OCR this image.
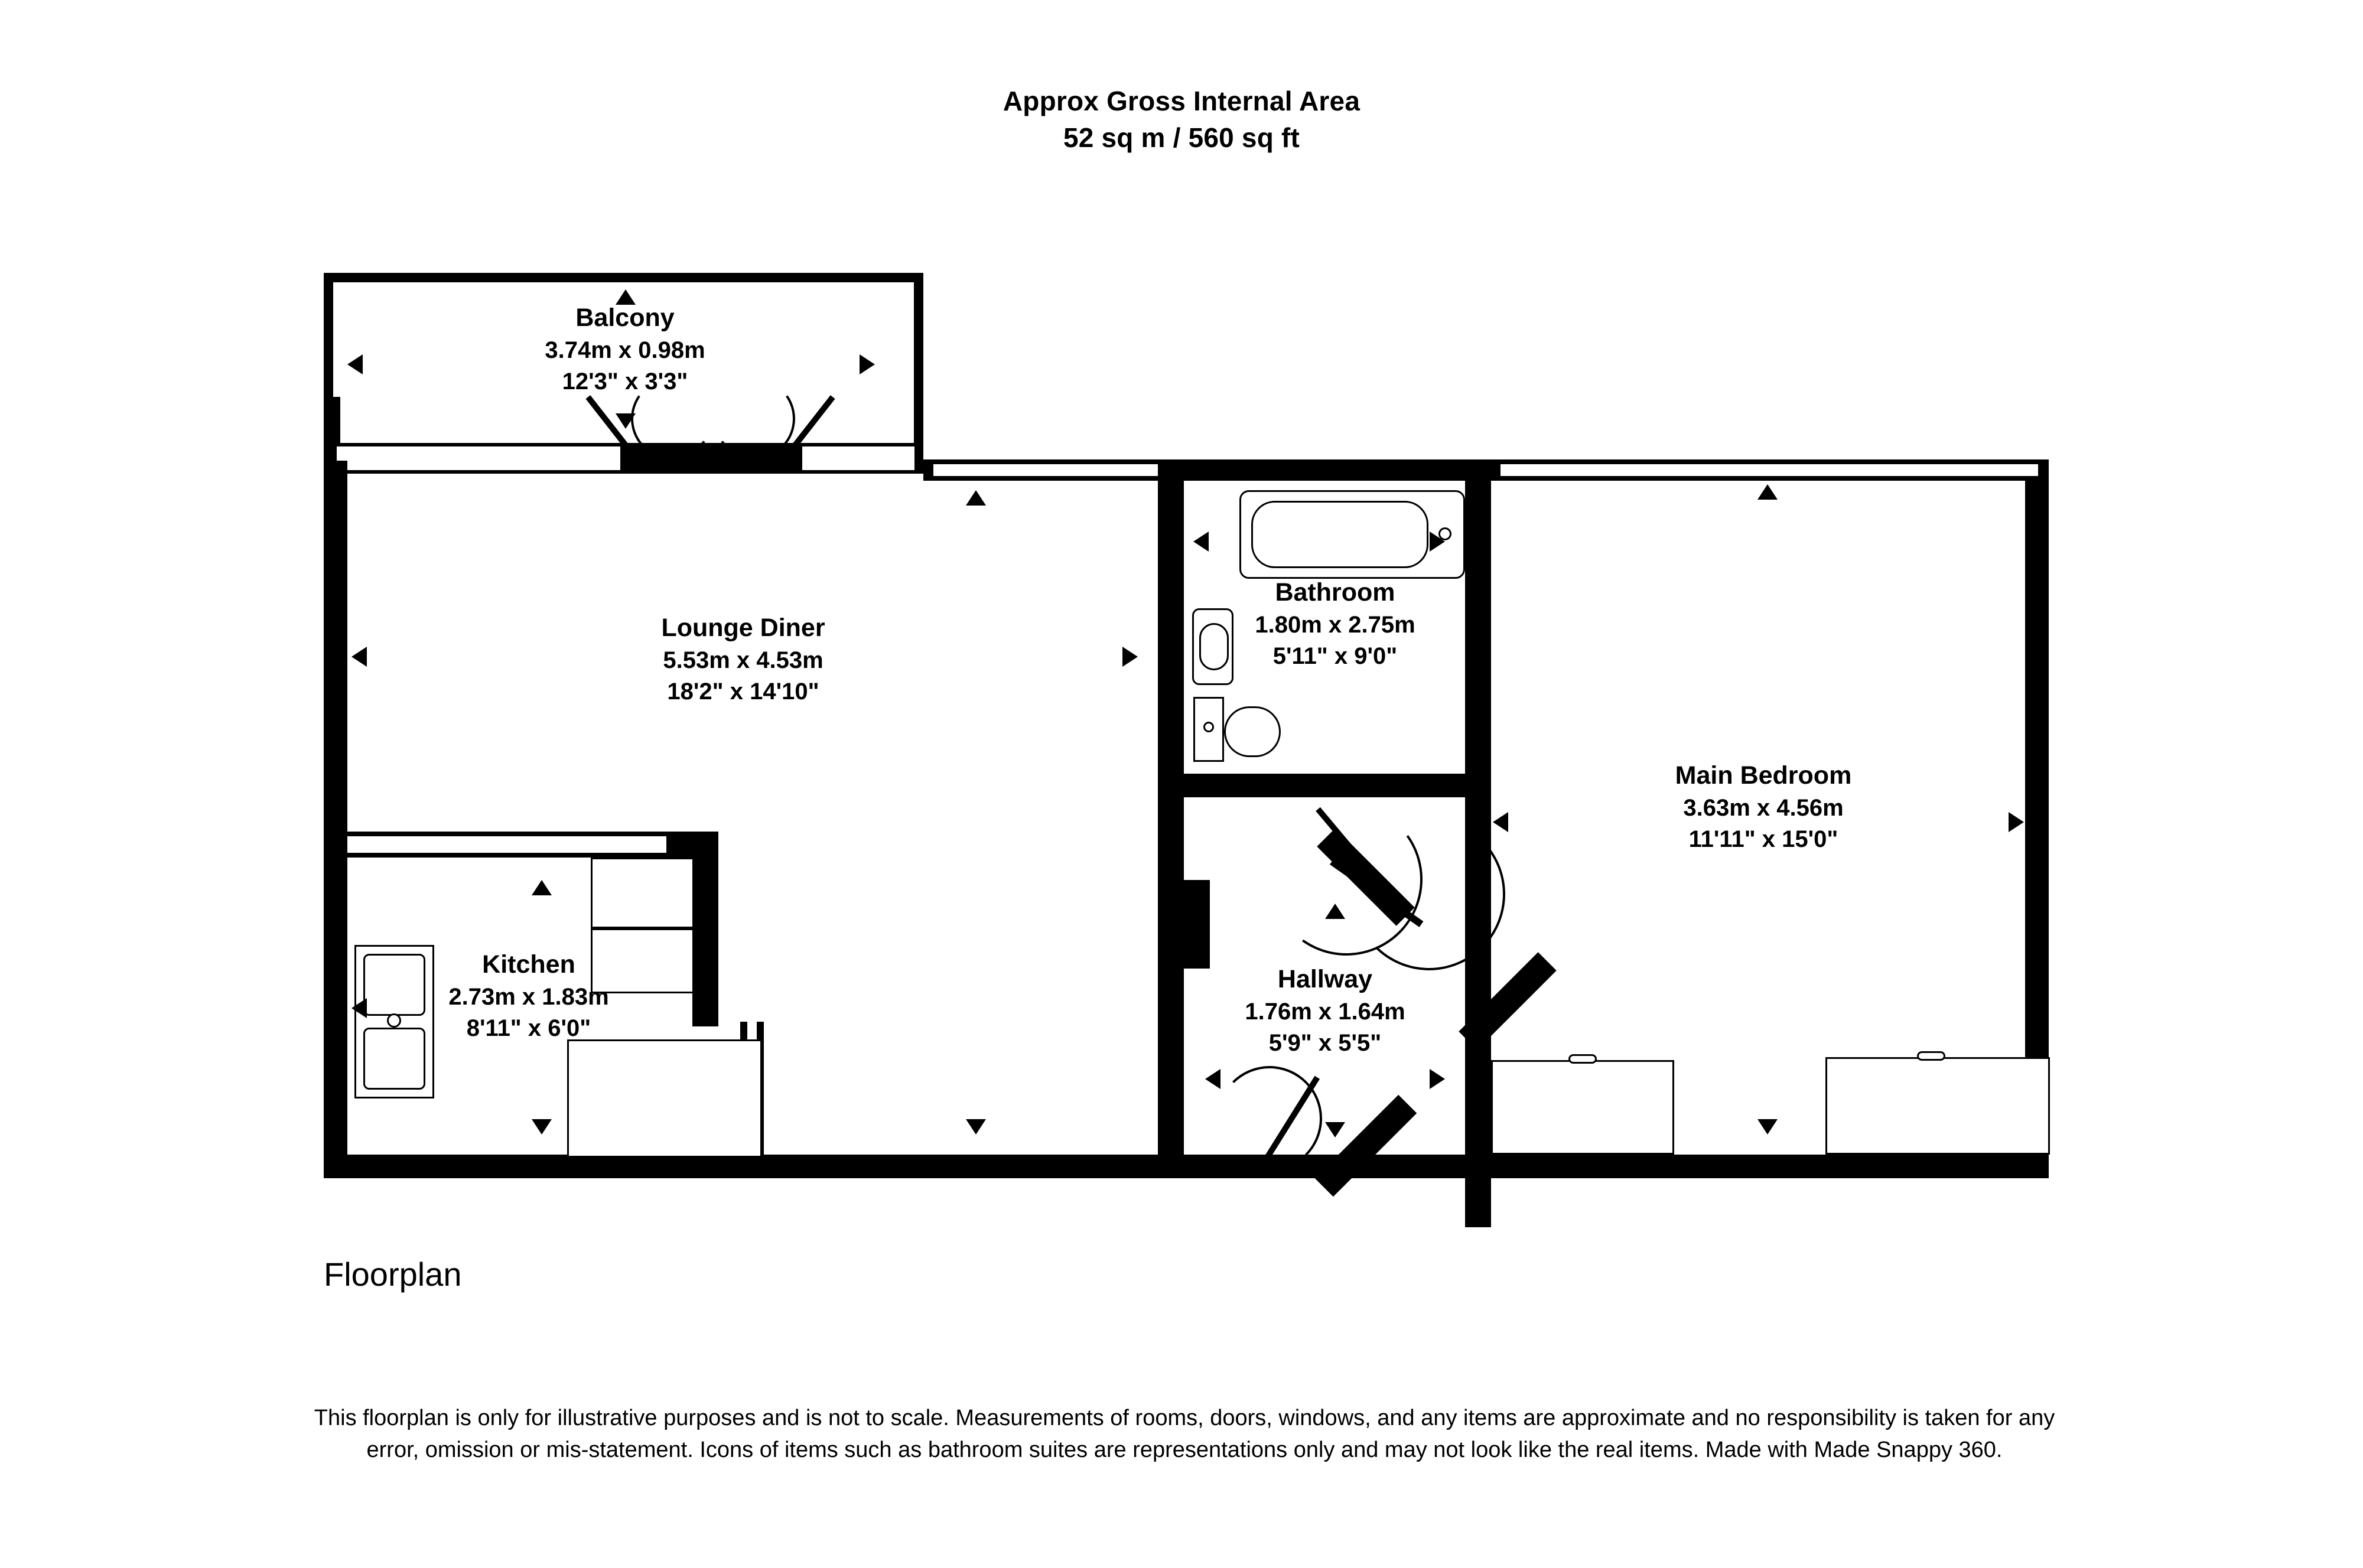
Approx Gross Internal Area
52 sq m / 560 sq ft
Balcony
3.74m x 0.98m
12'3" x 3'3"
Lounge Diner
5.53m x 4.53m
18'2" x 14'10"
Bathroom
1.80m x 2.75m
5'11" x 9'0"
Main Bedroom
3.63m x 4.56m
11'11" x 15'0"
Kitchen
2.73m x 1.83m
8'11" x 6'0"
Hallway
1.76m x 1.64m
5'9" x 5'5"
Floorplan
This floorplan is only for illustrative purposes and is not to scale. Measurements of rooms, doors, windows, and any items are approximate and no responsibility is taken for any error, omission or mis-statement. Icons of items such as bathroom suites are representations only and may not look like the real items. Made with Made Snappy 360.
